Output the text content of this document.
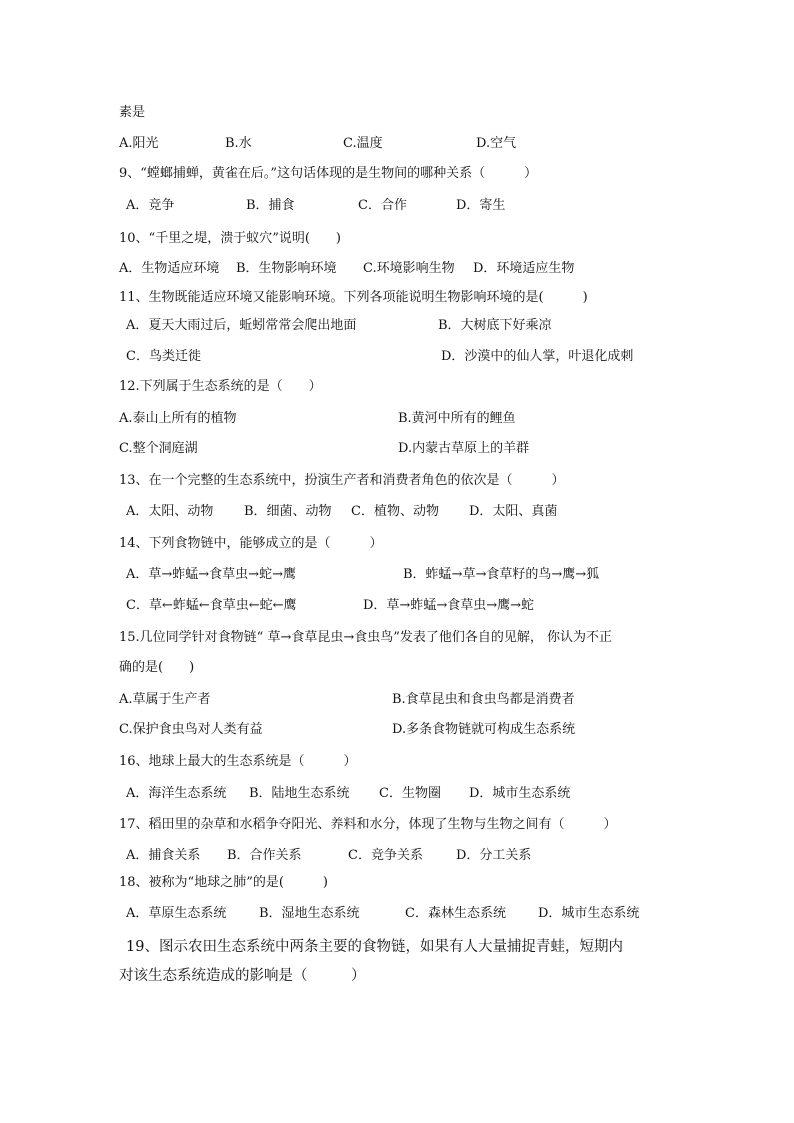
素是
A.阳光	B.水	C.温度	D.空气
9、“螳螂捕蝉，黄雀在后。”这句话体现的是生物间的哪种关系（　　　）
A．竞争	B．捕食	C．合作	D．寄生
10、“千里之堤，溃于蚁穴”说明(　　)
A．生物适应环境 B．生物影响环境 C.环境影响生物 D．环境适应生物
11、生物既能适应环境又能影响环境。下列各项能说明生物影响环境的是(　　　)
A．夏天大雨过后，蚯蚓常常会爬出地面	B．大树底下好乘凉
C．鸟类迁徙	D．沙漠中的仙人掌，叶退化成刺
12.下列属于生态系统的是（　　）
A.泰山上所有的植物	B.黄河中所有的鲤鱼
C.整个洞庭湖	D.内蒙古草原上的羊群
13、在一个完整的生态系统中，扮演生产者和消费者角色的依次是（　　　）
A．太阳、动物 B．细菌、动物 C．植物、动物 D．太阳、真菌
14、下列食物链中，能够成立的是（　　　）
A．草→蚱蜢→食草虫→蛇→鹰	B．蚱蜢→草→食草籽的鸟→鹰→狐
C．草←蚱蜢←食草虫←蛇←鹰	D．草→蚱蜢→食草虫→鹰→蛇
15.几位同学针对食物链“ 草→食草昆虫→食虫鸟”发表了他们各自的见解， 你认为不正
确的是(　　)
A.草属于生产者	B.食草昆虫和食虫鸟都是消费者
C.保护食虫鸟对人类有益	D.多条食物链就可构成生态系统
16、地球上最大的生态系统是（　　　）
A．海洋生态系统 B．陆地生态系统 C．生物圈 D．城市生态系统
17、稻田里的杂草和水稻争夺阳光、养料和水分，体现了生物与生物之间有（　　　）
A．捕食关系 B．合作关系	C．竞争关系	D．分工关系
18、被称为“地球之肺”的是(　　　)
A．草原生态系统	B．湿地生态系统	C．森林生态系统 D．城市生态系统
19、图示农田生态系统中两条主要的食物链，如果有人大量捕捉青蛙，短期内
对该生态系统造成的影响是（　　　）
